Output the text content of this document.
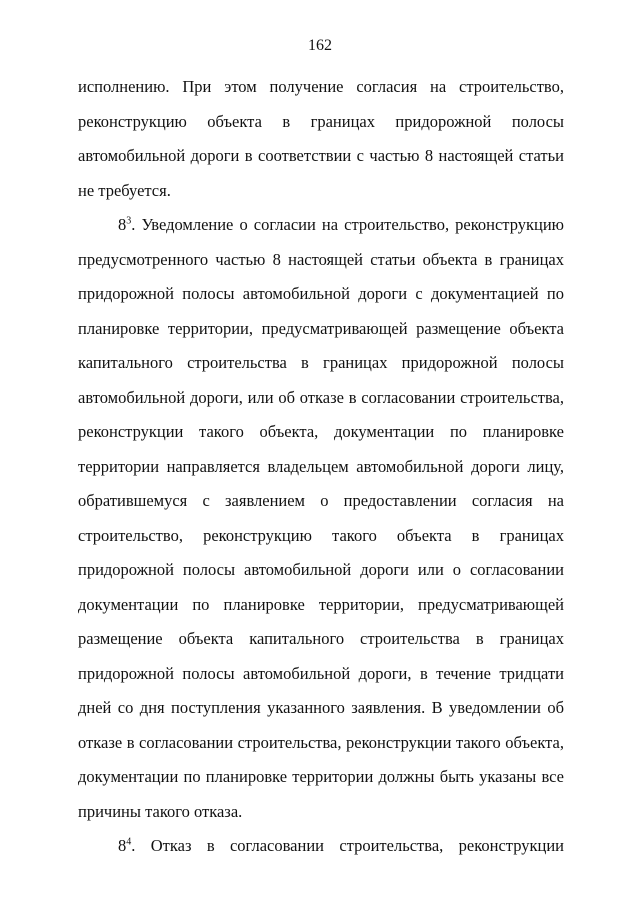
162

исполнению. При этом получение согласия на строительство, реконструкцию объекта в границах придорожной полосы автомобильной дороги в соответствии с частью 8 настоящей статьи не требуется.

$8^3$. Уведомление о согласии на строительство, реконструкцию предусмотренного частью 8 настоящей статьи объекта в границах придорожной полосы автомобильной дороги с документацией по планировке территории, предусматривающей размещение объекта капитального строительства в границах придорожной полосы автомобильной дороги, или об отказе в согласовании строительства, реконструкции такого объекта, документации по планировке территории направляется владельцем автомобильной дороги лицу, обратившемуся с заявлением о предоставлении согласия на строительство, реконструкцию такого объекта в границах придорожной полосы автомобильной дороги или о согласовании документации по планировке территории, предусматривающей размещение объекта капитального строительства в границах придорожной полосы автомобильной дороги, в течение тридцати дней со дня поступления указанного заявления. В уведомлении об отказе в согласовании строительства, реконструкции такого объекта, документации по планировке территории должны быть указаны все причины такого отказа.

$8^4$. Отказ в согласовании строительства, реконструкции
